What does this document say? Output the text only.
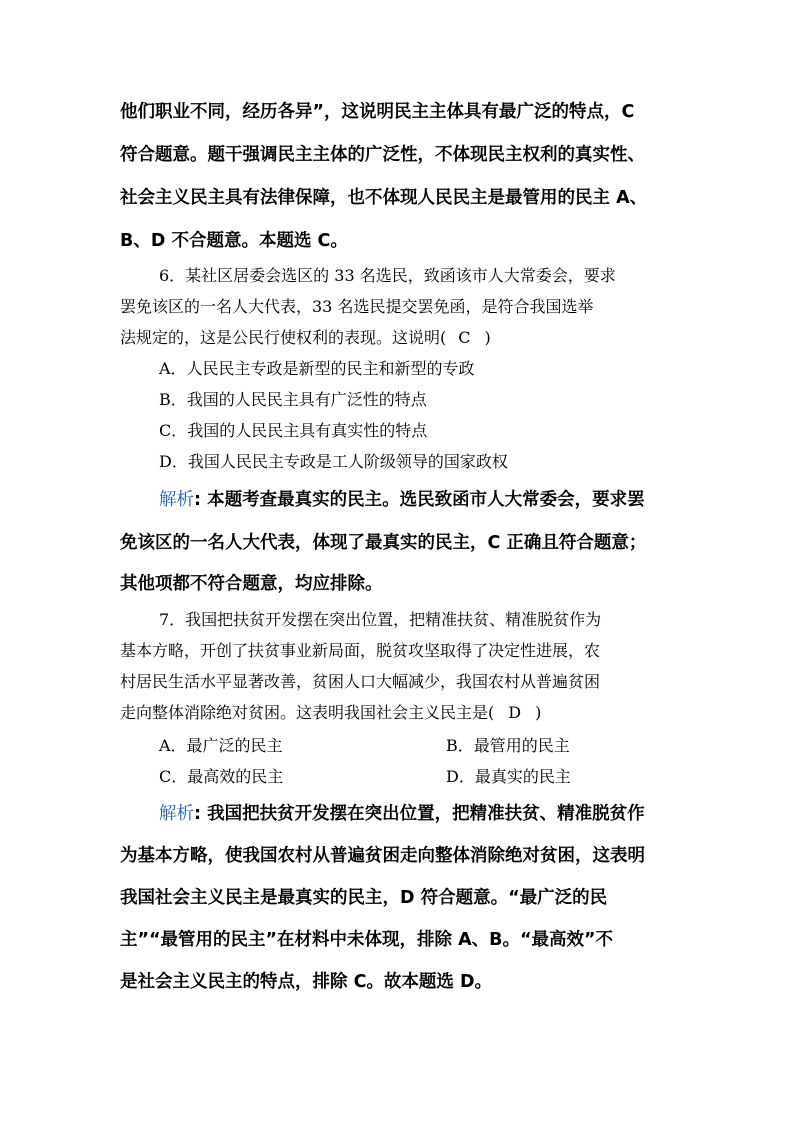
他们职业不同，经历各异”，这说明民主主体具有最广泛的特点，C
符合题意。题干强调民主主体的广泛性，不体现民主权利的真实性、
社会主义民主具有法律保障，也不体现人民民主是最管用的民主 A、
B、D 不合题意。本题选 C。
6．某社区居委会选区的 33 名选民，致函该市人大常委会，要求
罢免该区的一名人大代表，33 名选民提交罢免函，是符合我国选举
法规定的，这是公民行使权利的表现。这说明( C )
A．人民民主专政是新型的民主和新型的专政
B．我国的人民民主具有广泛性的特点
C．我国的人民民主具有真实性的特点
D．我国人民民主专政是工人阶级领导的国家政权
解析: 本题考查最真实的民主。选民致函市人大常委会，要求罢
免该区的一名人大代表，体现了最真实的民主，C 正确且符合题意；
其他项都不符合题意，均应排除。
7．我国把扶贫开发摆在突出位置，把精准扶贫、精准脱贫作为
基本方略，开创了扶贫事业新局面，脱贫攻坚取得了决定性进展，农
村居民生活水平显著改善，贫困人口大幅减少，我国农村从普遍贫困
走向整体消除绝对贫困。这表明我国社会主义民主是( D )
A．最广泛的民主	B．最管用的民主
C．最高效的民主	D．最真实的民主
解析: 我国把扶贫开发摆在突出位置，把精准扶贫、精准脱贫作
为基本方略，使我国农村从普遍贫困走向整体消除绝对贫困，这表明
我国社会主义民主是最真实的民主，D 符合题意。“最广泛的民
主”“最管用的民主”在材料中未体现，排除 A、B。“最高效”不
是社会主义民主的特点，排除 C。故本题选 D。
